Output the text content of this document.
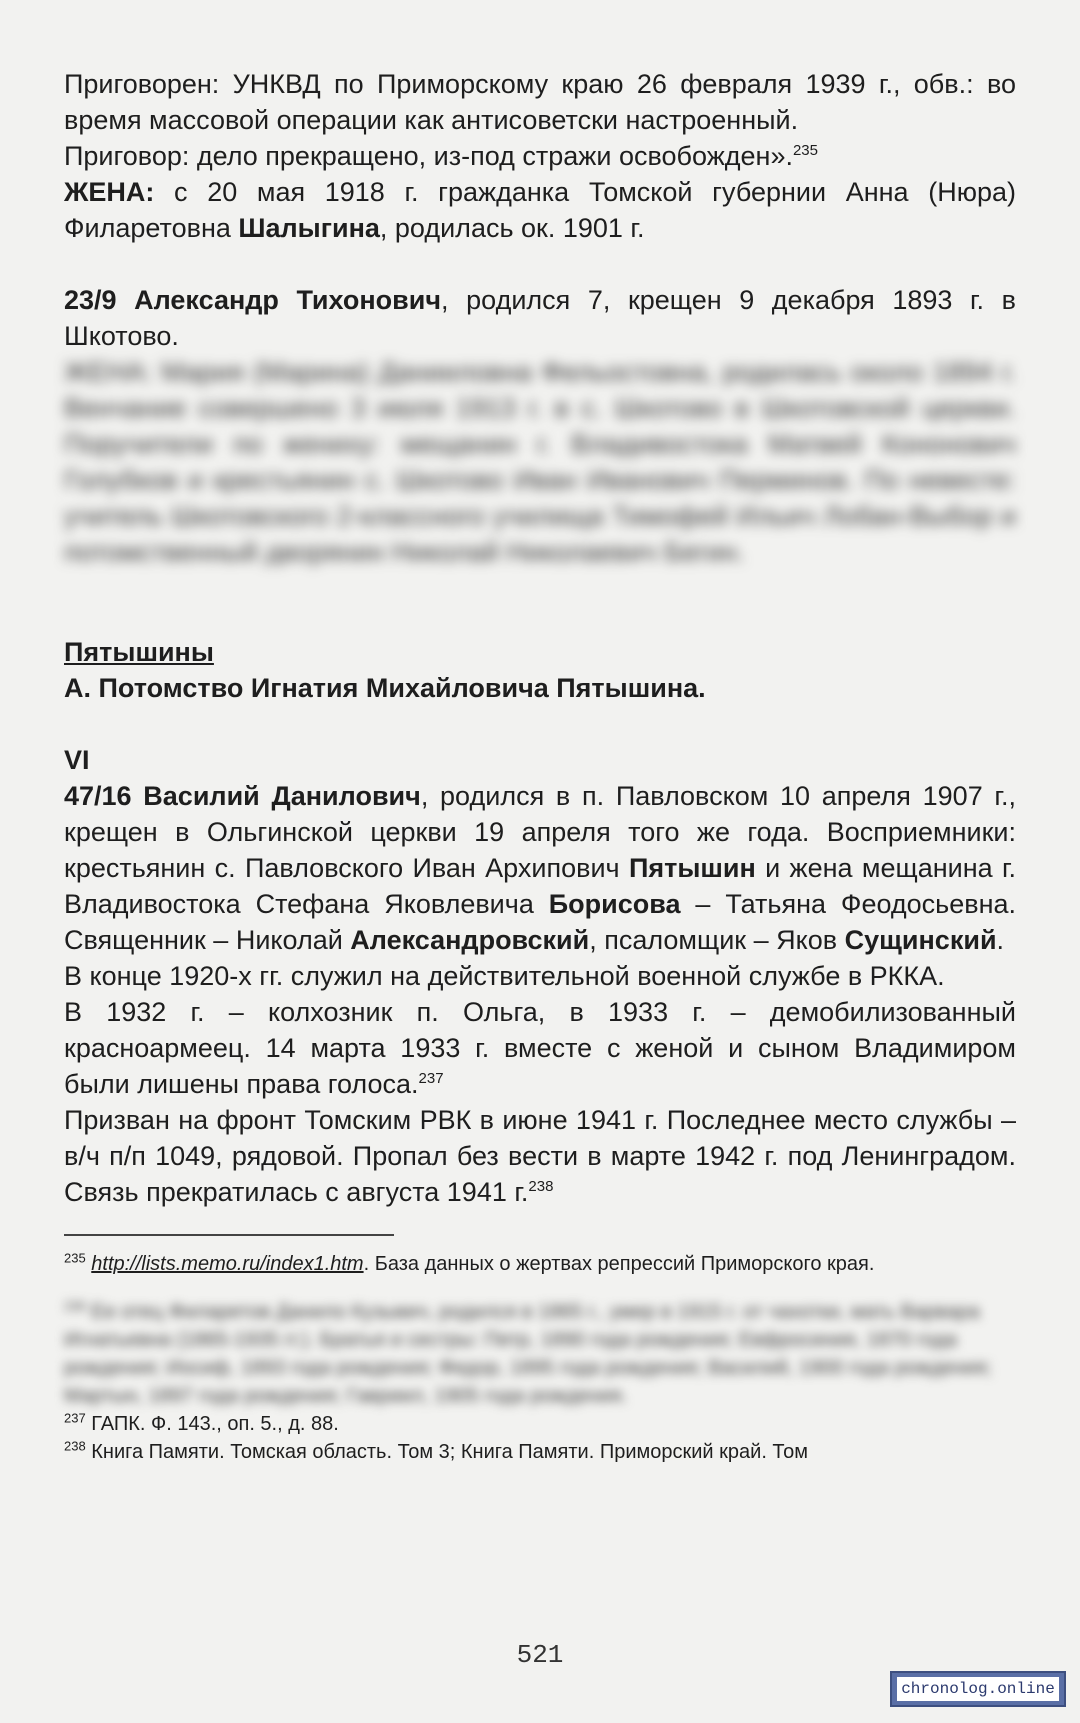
Приговорен: УНКВД по Приморскому краю 26 февраля 1939 г., обв.: во время массовой операции как антисоветски настроенный.

Приговор: дело прекращено, из-под стражи освобожден».$^{235}$

ЖЕНА: с 20 мая 1918 г. гражданка Томской губернии Анна (Нюра) Филаретовна Шалыгина, родилась ок. 1901 г.

23/9 Александр Тихонович, родился 7, крещен 9 декабря 1893 г. в Шкотово.

ЖЕНА: Мария (Марина) Данииловна Фельостовна, родилась около 1894 г. Венчание совершено 3 июля 1913 г. в с. Шкотово в Шкотовской церкви. Поручители по жениху: мещанин г. Владивостока Матвей Кононович Голубков и крестьянин с. Шкотово Иван Иванович Перминов. По невесте: учитель Шкотовского 2-классного училища Тимофей Ильич Лобан-Выбор и потомственный дворянин Николай Николаевич Бегин.

Пятышины

А. Потомство Игнатия Михайловича Пятышина.

VI

47/16 Василий Данилович, родился в п. Павловском 10 апреля 1907 г., крещен в Ольгинской церкви 19 апреля того же года. Восприемники: крестьянин с. Павловского Иван Архипович Пятышин и жена мещанина г. Владивостока Стефана Яковлевича Борисова – Татьяна Феодосьевна. Священник – Николай Александровский, псаломщик – Яков Сущинский.

В конце 1920-х гг. служил на действительной военной службе в РККА.

В 1932 г. – колхозник п. Ольга, в 1933 г. – демобилизованный красноармеец. 14 марта 1933 г. вместе с женой и сыном Владимиром были лишены права голоса.$^{237}$

Призван на фронт Томским РВК в июне 1941 г. Последнее место службы – в/ч п/п 1049, рядовой. Пропал без вести в марте 1942 г. под Ленинградом. Связь прекратилась с августа 1941 г.$^{238}$

$^{235}$ http://lists.memo.ru/index1.htm. База данных о жертвах репрессий Приморского края.

$^{236}$ Ее отец Филаретов Данило Кузьмич, родился в 1865 г., умер в 1915 г. от чахотки, мать Варвара Игнатьевна (1865-1935 гг.). Братья и сестры: Петр, 1890 года рождения; Евфросиния, 1870 года рождения; Иосиф, 1893 года рождения; Федор, 1895 года рождения; Василий, 1900 года рождения; Мартын, 1897 года рождения; Гавриил, 1905 года рождения.

$^{237}$ ГАПК. Ф. 143., оп. 5., д. 88.

$^{238}$ Книга Памяти. Томская область. Том 3; Книга Памяти. Приморский край. Том

521
chronolog.online
